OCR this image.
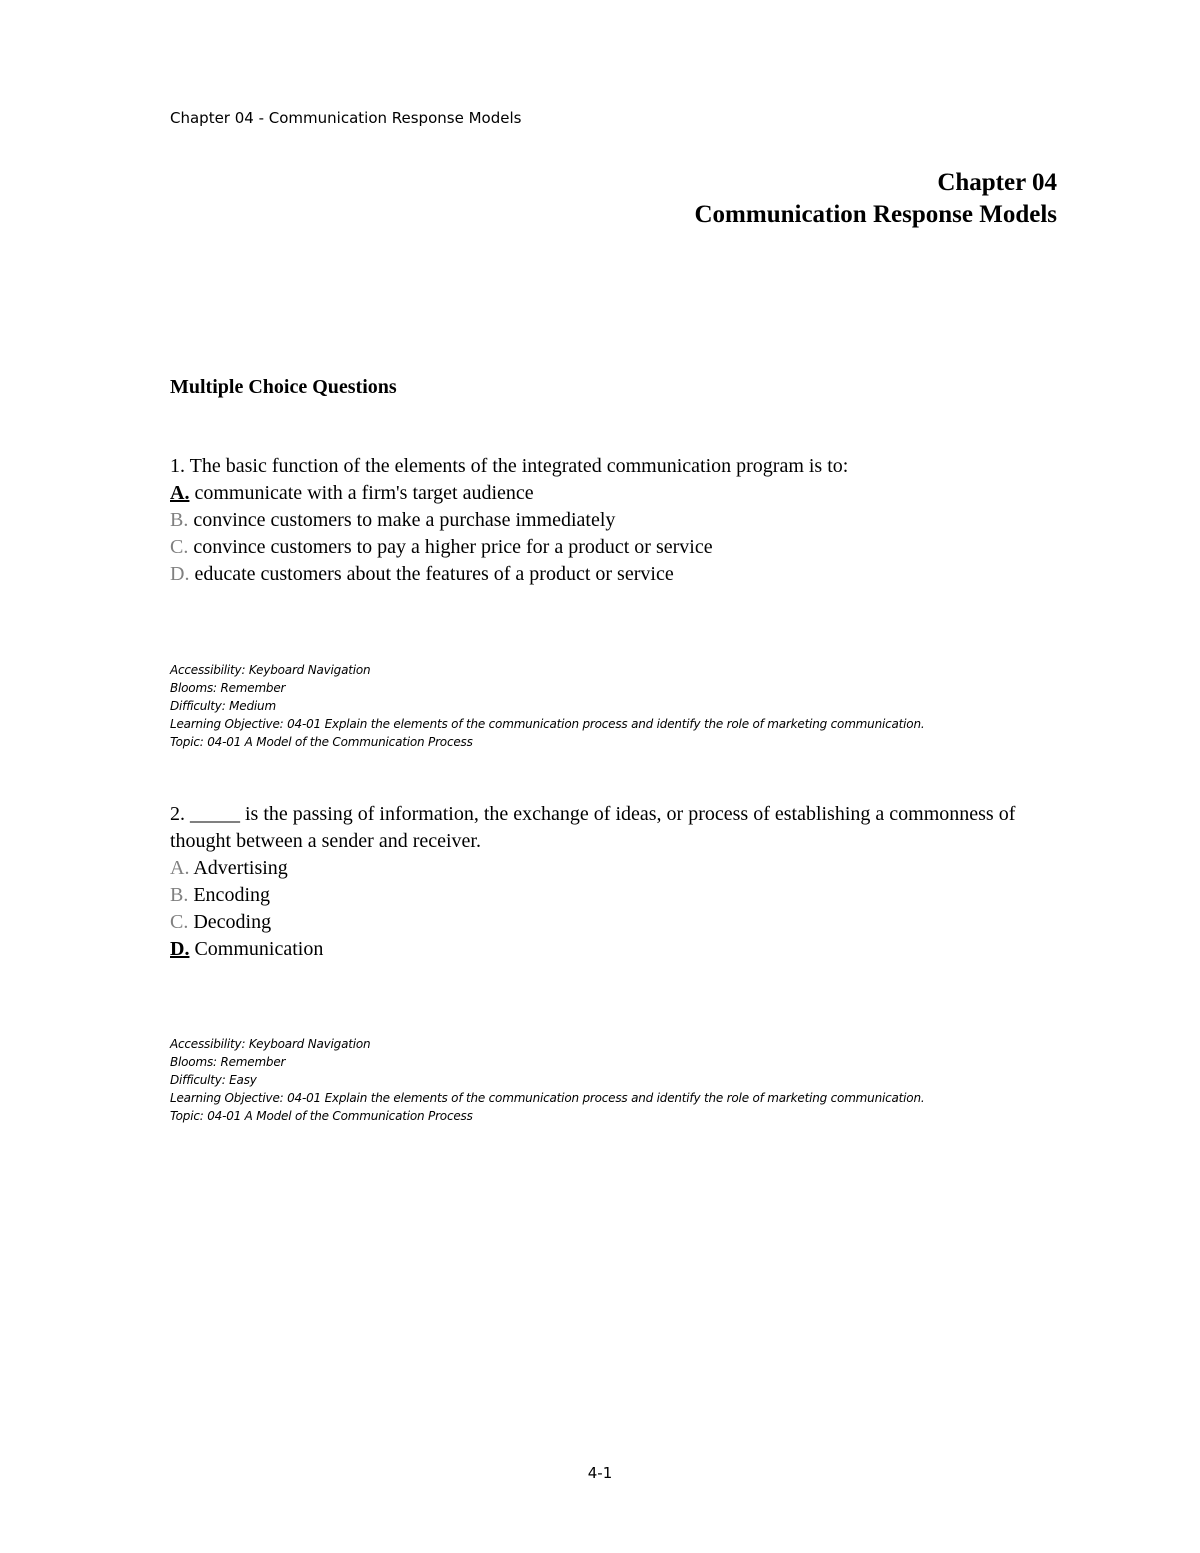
Chapter 04 - Communication Response Models
Chapter 04
Communication Response Models
Multiple Choice Questions
1. The basic function of the elements of the integrated communication program is to:
A. communicate with a firm's target audience
B. convince customers to make a purchase immediately
C. convince customers to pay a higher price for a product or service
D. educate customers about the features of a product or service
Accessibility: Keyboard Navigation
Blooms: Remember
Difficulty: Medium
Learning Objective: 04-01 Explain the elements of the communication process and identify the role of marketing communication.
Topic: 04-01 A Model of the Communication Process
2. _____ is the passing of information, the exchange of ideas, or process of establishing a commonness of thought between a sender and receiver.
A. Advertising
B. Encoding
C. Decoding
D. Communication
Accessibility: Keyboard Navigation
Blooms: Remember
Difficulty: Easy
Learning Objective: 04-01 Explain the elements of the communication process and identify the role of marketing communication.
Topic: 04-01 A Model of the Communication Process
4-1
